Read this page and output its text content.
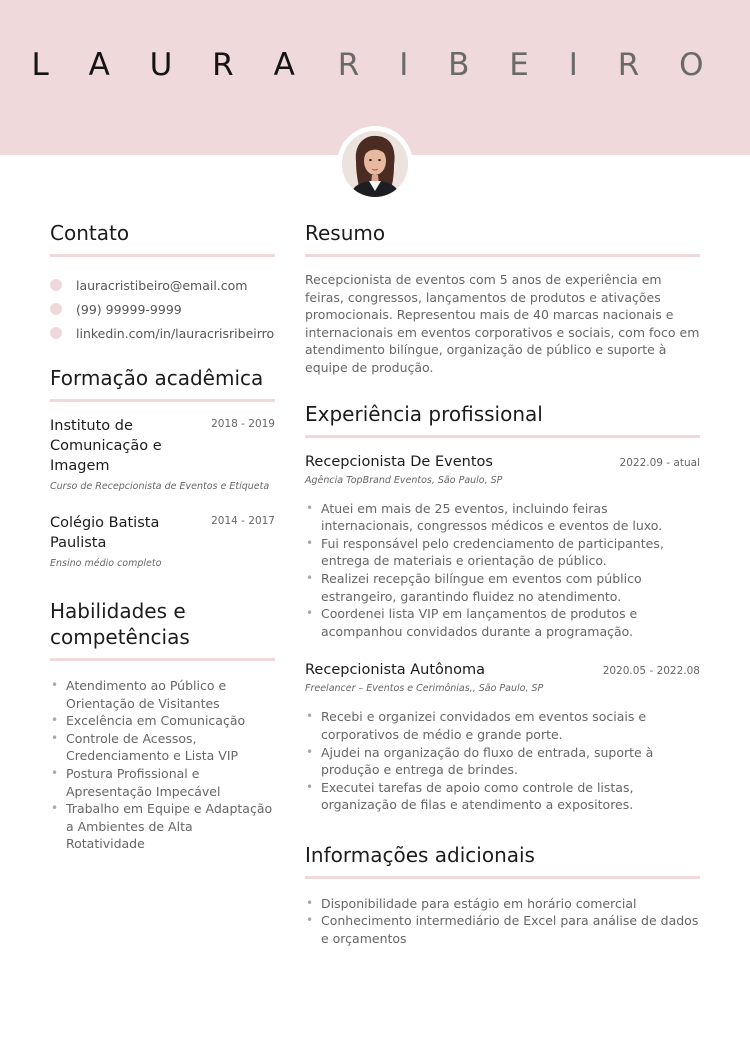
L A U R A R I B E I R O
Contato
lauracristibeiro@email.com
(99) 99999-9999
linkedin.com/in/lauracrisribeirro
Formação acadêmica
Instituto de
Comunicação e Imagem
2018 - 2019
Curso de Recepcionista de Eventos e Etiqueta
Colégio Batista
Paulista
2014 - 2017
Ensino médio completo
Habilidades e
competências
• Atendimento ao Público e Orientação de Visitantes
• Excelência em Comunicação
• Controle de Acessos, Credenciamento e Lista VIP
• Postura Profissional e Apresentação Impecável
• Trabalho em Equipe e Adaptação a Ambientes de Alta Rotatividade
Resumo

Recepcionista de eventos com 5 anos de experiência em feiras, congressos, lançamentos de produtos e ativações promocionais. Representou mais de 40 marcas nacionais e internacionais em eventos corporativos e sociais, com foco em atendimento bilíngue, organização de público e suporte à equipe de produção.

Experiência profissional
Recepcionista De Eventos	2022.09 - atual
Agência TopBrand Eventos, São Paulo, SP
• Atuei em mais de 25 eventos, incluindo feiras internacionais, congressos médicos e eventos de luxo.
• Fui responsável pelo credenciamento de participantes, entrega de materiais e orientação de público.
• Realizei recepção bilíngue em eventos com público estrangeiro, garantindo fluidez no atendimento.
• Coordenei lista VIP em lançamentos de produtos e acompanhou convidados durante a programação.
Recepcionista Autônoma	2020.05 - 2022.08
Freelancer – Eventos e Cerimônias,, São Paulo, SP
• Recebi e organizei convidados em eventos sociais e corporativos de médio e grande porte.
• Ajudei na organização do fluxo de entrada, suporte à produção e entrega de brindes.
• Executei tarefas de apoio como controle de listas, organização de filas e atendimento a expositores.
Informações adicionais
• Disponibilidade para estágio em horário comercial
• Conhecimento intermediário de Excel para análise de dados e orçamentos
